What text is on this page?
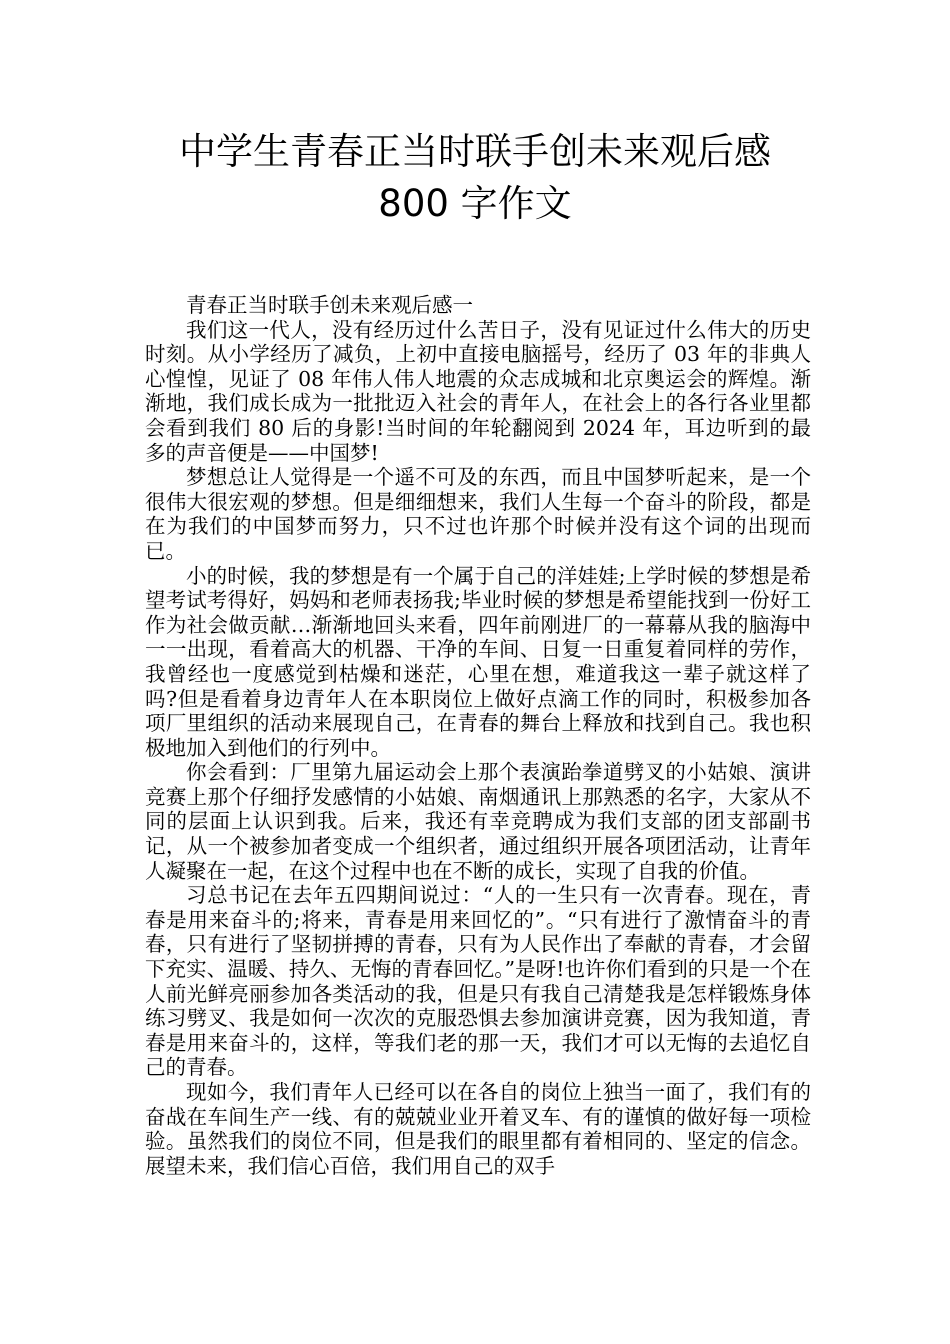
中学生青春正当时联手创未来观后感
800 字作文

青春正当时联手创未来观后感一

我们这一代人，没有经历过什么苦日子，没有见证过什么伟大的历史时刻。从小学经历了减负，上初中直接电脑摇号，经历了 03 年的非典人心惶惶，见证了 08 年伟人伟人地震的众志成城和北京奥运会的辉煌。渐渐地，我们成长成为一批批迈入社会的青年人，在社会上的各行各业里都会看到我们 80 后的身影!当时间的年轮翻阅到 2024 年，耳边听到的最多的声音便是——中国梦!

梦想总让人觉得是一个遥不可及的东西，而且中国梦听起来，是一个很伟大很宏观的梦想。但是细细想来，我们人生每一个奋斗的阶段，都是在为我们的中国梦而努力，只不过也许那个时候并没有这个词的出现而已。

小的时候，我的梦想是有一个属于自己的洋娃娃;上学时候的梦想是希望考试考得好，妈妈和老师表扬我;毕业时候的梦想是希望能找到一份好工作为社会做贡献…渐渐地回头来看，四年前刚进厂的一幕幕从我的脑海中一一出现，看着高大的机器、干净的车间、日复一日重复着同样的劳作，我曾经也一度感觉到枯燥和迷茫，心里在想，难道我这一辈子就这样了吗?但是看着身边青年人在本职岗位上做好点滴工作的同时，积极参加各项厂里组织的活动来展现自己，在青春的舞台上释放和找到自己。我也积极地加入到他们的行列中。

你会看到：厂里第九届运动会上那个表演跆拳道劈叉的小姑娘、演讲竞赛上那个仔细抒发感情的小姑娘、南烟通讯上那熟悉的名字，大家从不同的层面上认识到我。后来，我还有幸竞聘成为我们支部的团支部副书记，从一个被参加者变成一个组织者，通过组织开展各项团活动，让青年人凝聚在一起，在这个过程中也在不断的成长，实现了自我的价值。

习总书记在去年五四期间说过：“人的一生只有一次青春。现在，青春是用来奋斗的;将来，青春是用来回忆的”。“只有进行了激情奋斗的青春，只有进行了坚韧拼搏的青春，只有为人民作出了奉献的青春，才会留下充实、温暖、持久、无悔的青春回忆。”是呀!也许你们看到的只是一个在人前光鲜亮丽参加各类活动的我，但是只有我自己清楚我是怎样锻炼身体练习劈叉、我是如何一次次的克服恐惧去参加演讲竞赛，因为我知道，青春是用来奋斗的，这样，等我们老的那一天，我们才可以无悔的去追忆自己的青春。

现如今，我们青年人已经可以在各自的岗位上独当一面了，我们有的奋战在车间生产一线、有的兢兢业业开着叉车、有的谨慎的做好每一项检验。虽然我们的岗位不同，但是我们的眼里都有着相同的、坚定的信念。展望未来，我们信心百倍，我们用自己的双手
